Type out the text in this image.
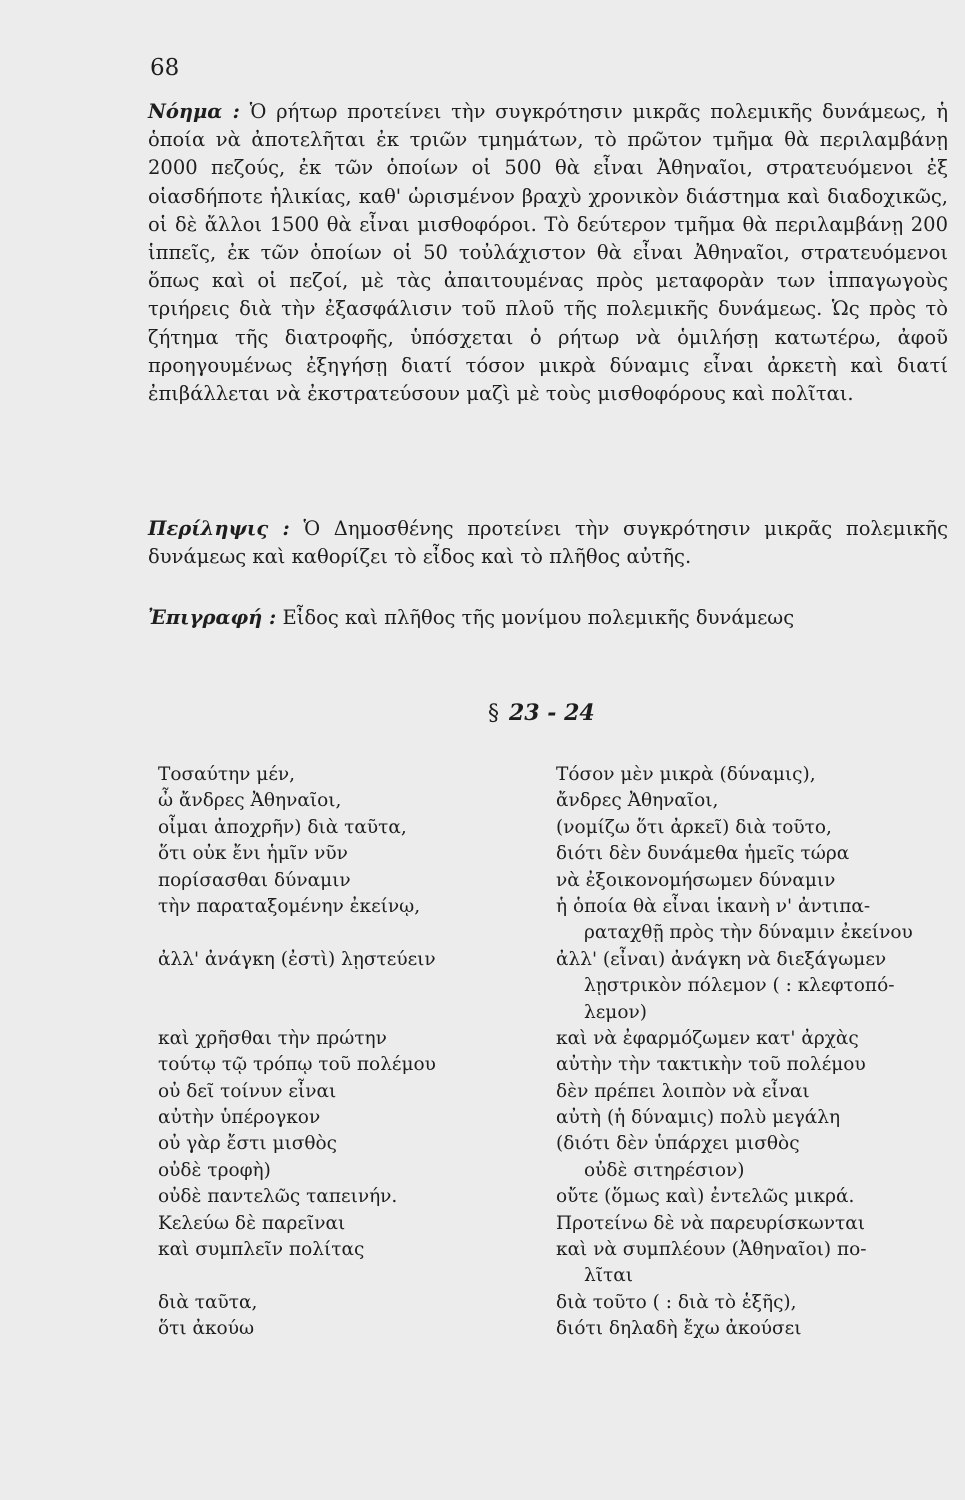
68

Νόημα : Ὁ ρήτωρ προτείνει τὴν συγκρότησιν μικρᾶς πολεμικῆς δυνάμεως, ἡ ὁποία νὰ ἀποτελῆται ἐκ τριῶν τμημάτων, τὸ πρῶτον τμῆμα θὰ περιλαμβάνῃ 2000 πεζούς, ἐκ τῶν ὁποίων οἱ 500 θὰ εἶναι Ἀθηναῖοι, στρατευόμενοι ἐξ οἱασδήποτε ἡλικίας, καθ' ὡρισμένον βραχὺ χρονικὸν διάστημα καὶ διαδοχικῶς, οἱ δὲ ἄλλοι 1500 θὰ εἶναι μισθοφόροι. Τὸ δεύτερον τμῆμα θὰ περιλαμβάνῃ 200 ἱππεῖς, ἐκ τῶν ὁποίων οἱ 50 τοὐλάχιστον θὰ εἶναι Ἀθηναῖοι, στρατευόμενοι ὅπως καὶ οἱ πεζοί, μὲ τὰς ἀπαιτουμένας πρὸς μεταφορὰν των ἱππαγωγοὺς τριήρεις διὰ τὴν ἐξασφάλισιν τοῦ πλοῦ τῆς πολεμικῆς δυνάμεως. Ὡς πρὸς τὸ ζήτημα τῆς διατροφῆς, ὑπόσχεται ὁ ρήτωρ νὰ ὁμιλήσῃ κατωτέρω, ἀφοῦ προηγουμένως ἐξηγήσῃ διατί τόσον μικρὰ δύναμις εἶναι ἀρκετὴ καὶ διατί ἐπιβάλλεται νὰ ἐκστρατεύσουν μαζὶ μὲ τοὺς μισθοφόρους καὶ πολῖται.

Περίληψις : Ὁ Δημοσθένης προτείνει τὴν συγκρότησιν μικρᾶς πολεμικῆς δυνάμεως καὶ καθορίζει τὸ εἶδος καὶ τὸ πλῆθος αὐτῆς.

Ἐπιγραφή : Εἶδος καὶ πλῆθος τῆς μονίμου πολεμικῆς δυνάμεως

§ 23 - 24
Τοσαύτην μέν,
ὦ ἄνδρες Ἀθηναῖοι,
οἶμαι ἀποχρῆν) διὰ ταῦτα,
ὅτι οὐκ ἔνι ἡμῖν νῦν
πορίσασθαι δύναμιν
τὴν παραταξομένην ἐκείνῳ,
ἀλλ' ἀνάγκη (ἐστὶ) λῃστεύειν
καὶ χρῆσθαι τὴν πρώτην
τούτῳ τῷ τρόπῳ τοῦ πολέμου
οὐ δεῖ τοίνυν εἶναι
αὐτὴν ὑπέρογκον
οὐ γὰρ ἔστι μισθὸς
οὐδὲ τροφὴ)
οὐδὲ παντελῶς ταπεινήν.
Κελεύω δὲ παρεῖναι
καὶ συμπλεῖν πολίτας
διὰ ταῦτα,
ὅτι ἀκούω
Τόσον μὲν μικρὰ (δύναμις),
ἄνδρες Ἀθηναῖοι,
(νομίζω ὅτι ἀρκεῖ) διὰ τοῦτο,
διότι δὲν δυνάμεθα ἡμεῖς τώρα
νὰ ἐξοικονομήσωμεν δύναμιν
ἡ ὁποία θὰ εἶναι ἱκανὴ ν' ἀντιπα-
ραταχθῇ πρὸς τὴν δύναμιν ἐκείνου
ἀλλ' (εἶναι) ἀνάγκη νὰ διεξάγωμεν
λῃστρικὸν πόλεμον ( : κλεφτοπό-
λεμον)
καὶ νὰ ἐφαρμόζωμεν κατ' ἀρχὰς
αὐτὴν τὴν τακτικὴν τοῦ πολέμου
δὲν πρέπει λοιπὸν νὰ εἶναι
αὐτὴ (ἡ δύναμις) πολὺ μεγάλη
(διότι δὲν ὑπάρχει μισθὸς
οὐδὲ σιτηρέσιον)
οὔτε (ὅμως καὶ) ἐντελῶς μικρά.
Προτείνω δὲ νὰ παρευρίσκωνται
καὶ νὰ συμπλέουν (Ἀθηναῖοι) πο-
λῖται
διὰ τοῦτο ( : διὰ τὸ ἑξῆς),
διότι δηλαδὴ ἔχω ἀκούσει
